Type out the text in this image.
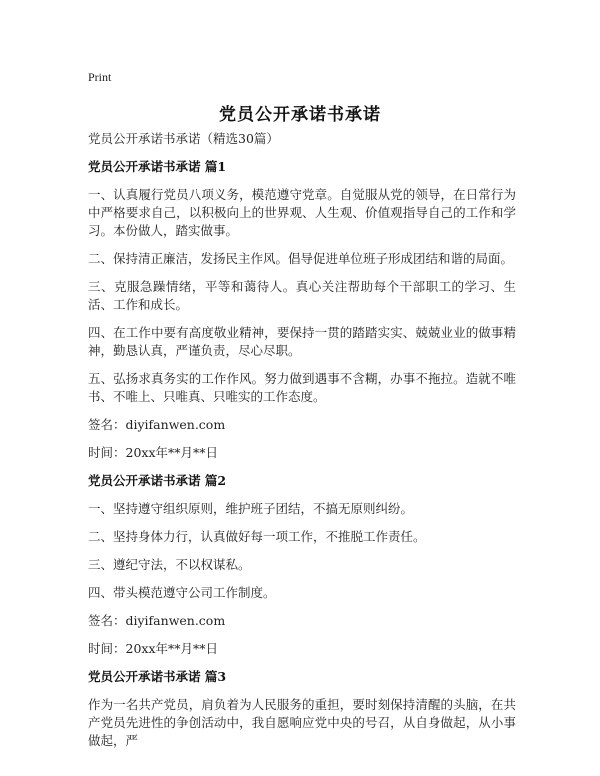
Print
党员公开承诺书承诺

党员公开承诺书承诺（精选30篇）

党员公开承诺书承诺 篇1

一、认真履行党员八项义务，模范遵守党章。自觉服从党的领导，在日常行为中严格要求自己，以积极向上的世界观、人生观、价值观指导自己的工作和学习。本份做人，踏实做事。

二、保持清正廉洁，发扬民主作风。倡导促进单位班子形成团结和谐的局面。

三、克服急躁情绪，平等和蔼待人。真心关注帮助每个干部职工的学习、生活、工作和成长。

四、在工作中要有高度敬业精神，要保持一贯的踏踏实实、兢兢业业的做事精神，勤恳认真，严谨负责，尽心尽职。

五、弘扬求真务实的工作作风。努力做到遇事不含糊，办事不拖拉。造就不唯书、不唯上、只唯真、只唯实的工作态度。

签名：diyifanwen.com

时间：20xx年**月**日

党员公开承诺书承诺 篇2

一、坚持遵守组织原则，维护班子团结，不搞无原则纠纷。

二、坚持身体力行，认真做好每一项工作，不推脱工作责任。

三、遵纪守法，不以权谋私。

四、带头模范遵守公司工作制度。

签名：diyifanwen.com

时间：20xx年**月**日

党员公开承诺书承诺 篇3

作为一名共产党员，肩负着为人民服务的重担，要时刻保持清醒的头脑，在共产党员先进性的争创活动中，我自愿响应党中央的号召，从自身做起，从小事做起，严
